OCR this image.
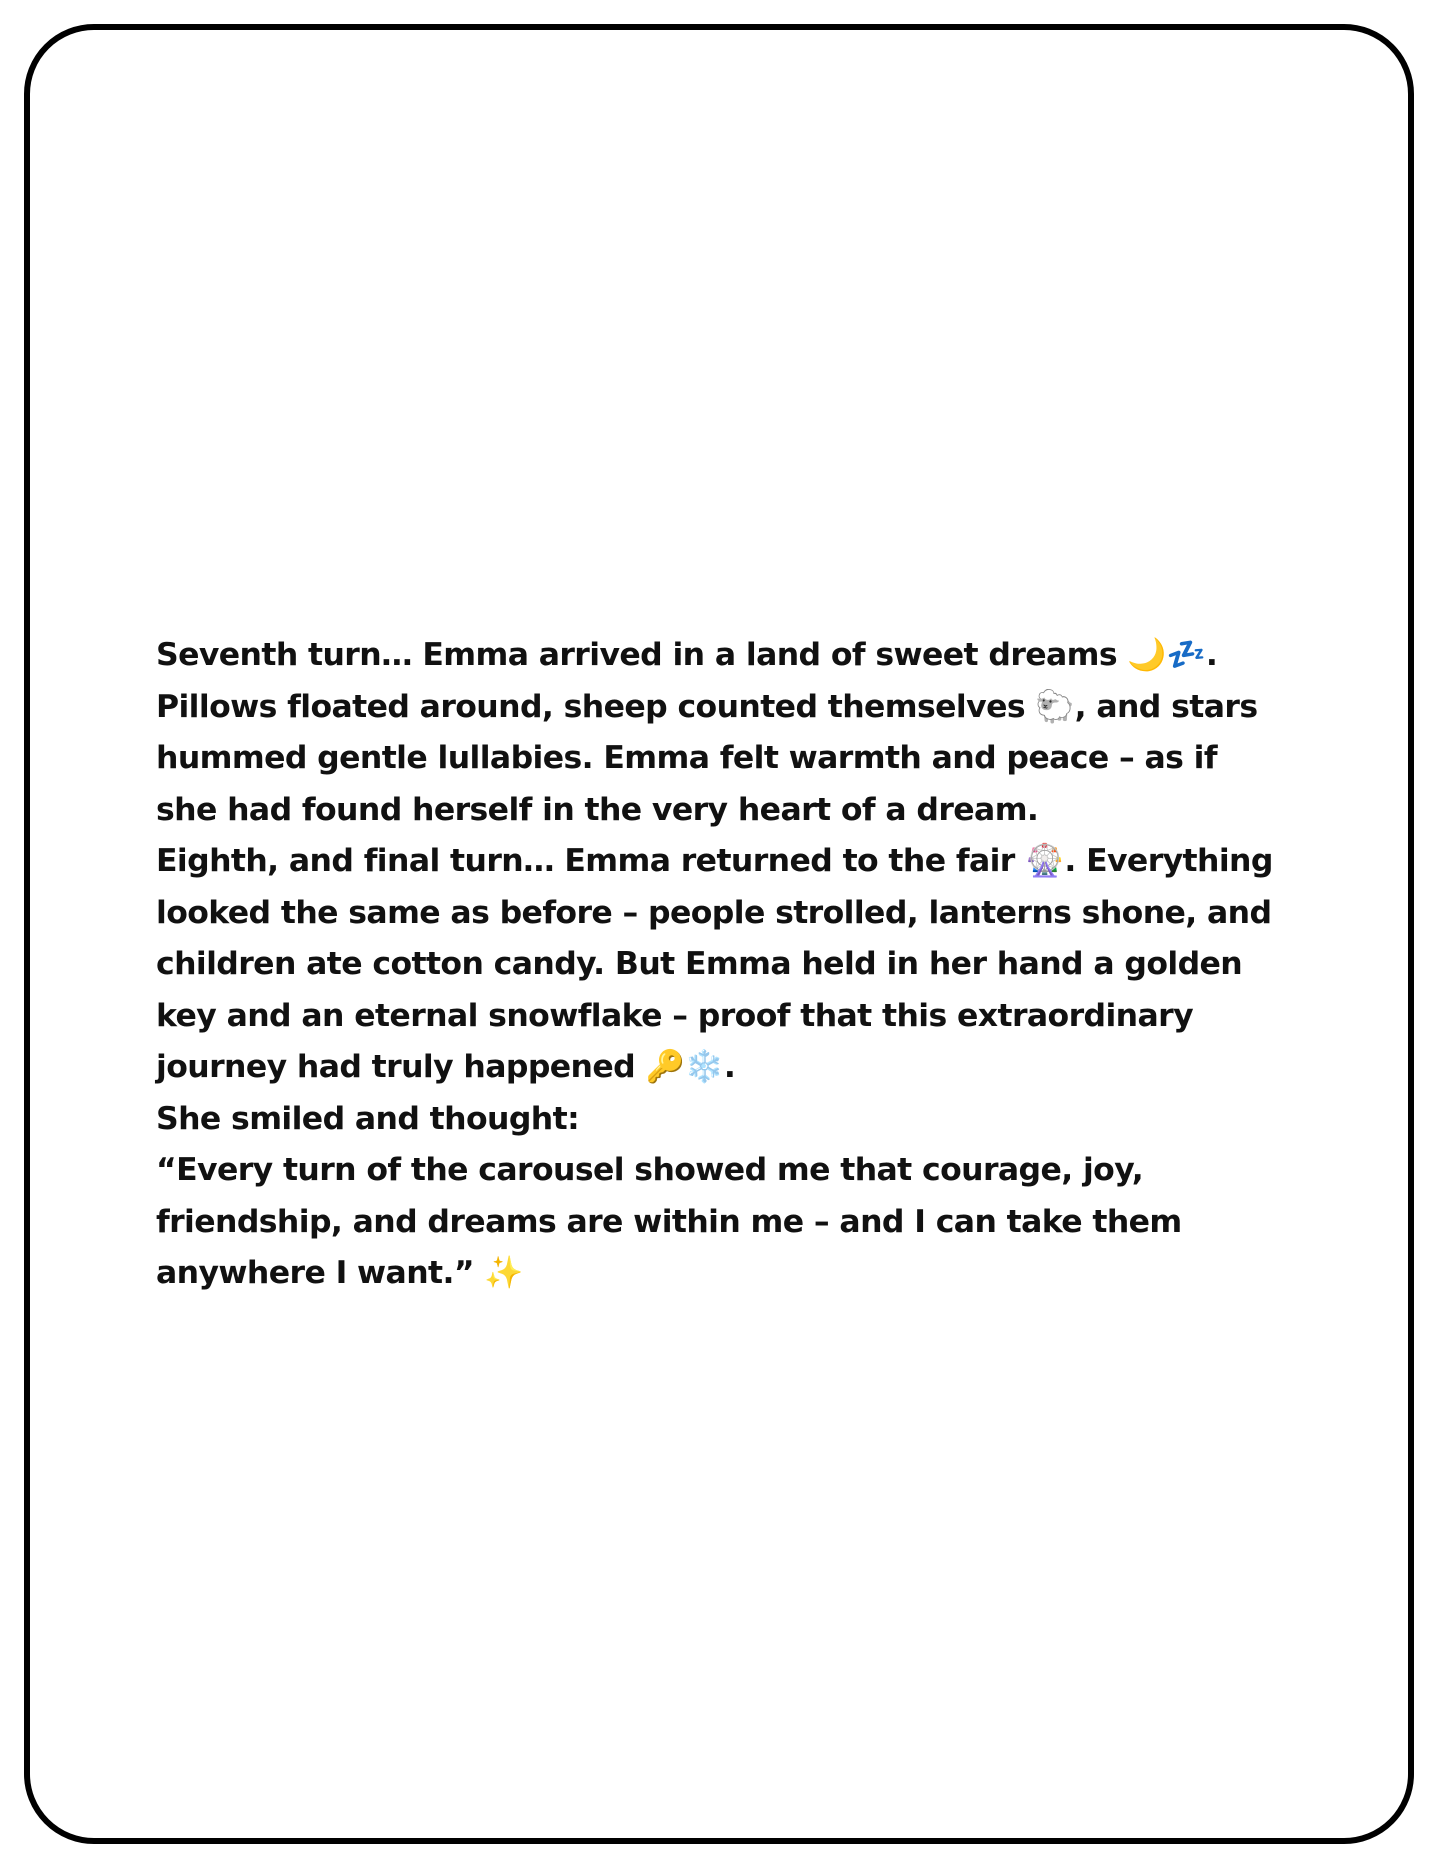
Seventh turn… Emma arrived in a land of sweet dreams 🌙💤.
Pillows floated around, sheep counted themselves 🐑, and stars
hummed gentle lullabies. Emma felt warmth and peace – as if
she had found herself in the very heart of a dream.
Eighth, and final turn… Emma returned to the fair 🎡. Everything
looked the same as before – people strolled, lanterns shone, and
children ate cotton candy. But Emma held in her hand a golden
key and an eternal snowflake – proof that this extraordinary
journey had truly happened 🔑❄️.
She smiled and thought:
“Every turn of the carousel showed me that courage, joy,
friendship, and dreams are within me – and I can take them
anywhere I want.” ✨
